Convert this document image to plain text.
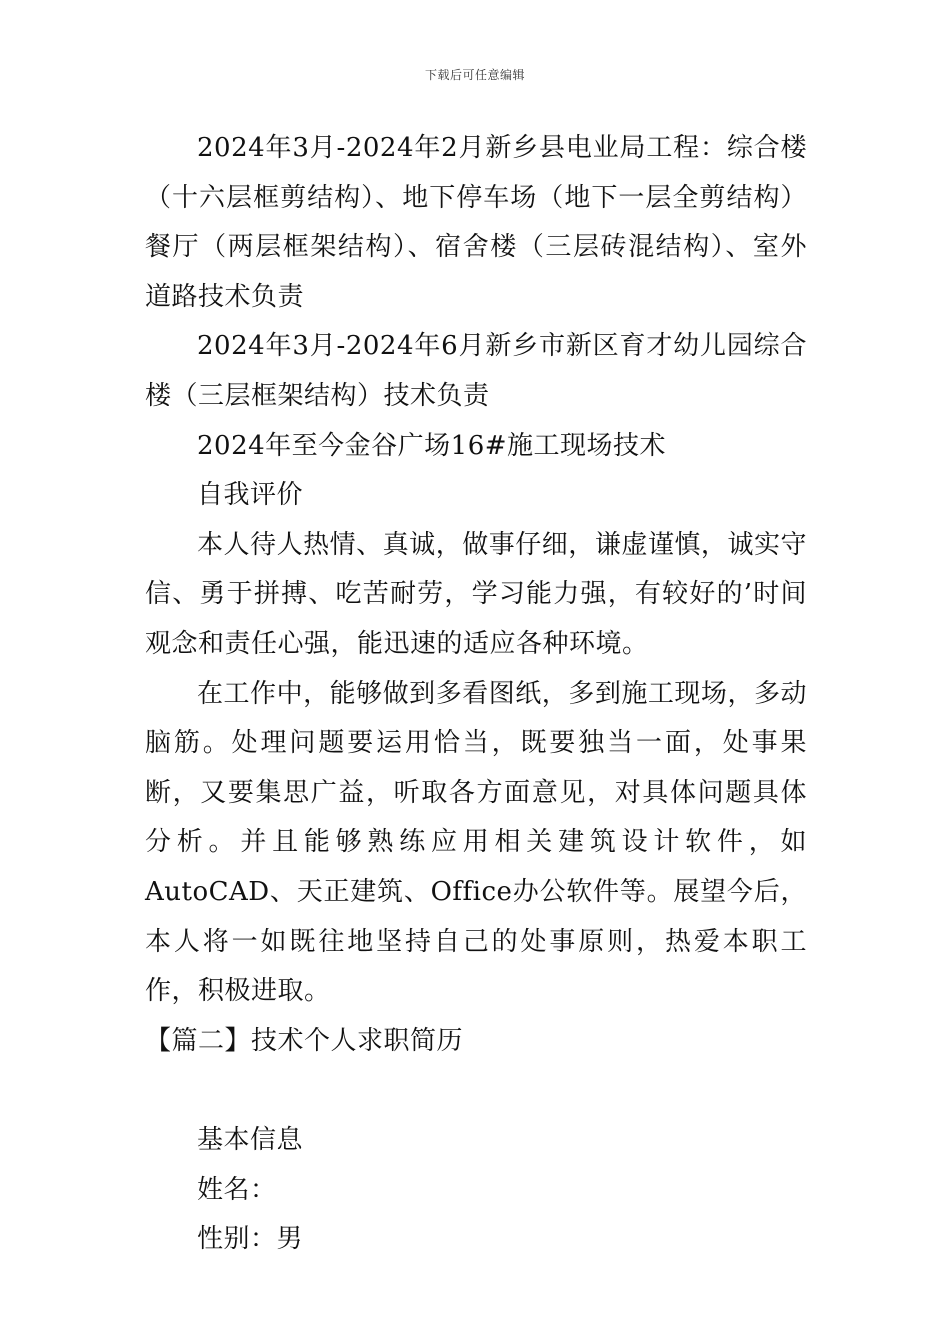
下载后可任意编辑

2024年3月-2024年2月新乡县电业局工程：综合楼（十六层框剪结构）、地下停车场（地下一层全剪结构）餐厅（两层框架结构）、宿舍楼（三层砖混结构）、室外道路技术负责

2024年3月-2024年6月新乡市新区育才幼儿园综合楼（三层框架结构）技术负责

2024年至今金谷广场16#施工现场技术

自我评价

本人待人热情、真诚，做事仔细，谦虚谨慎，诚实守信、勇于拼搏、吃苦耐劳，学习能力强，有较好的’时间观念和责任心强，能迅速的适应各种环境。

在工作中，能够做到多看图纸，多到施工现场，多动脑筋。处理问题要运用恰当，既要独当一面，处事果断，又要集思广益，听取各方面意见，对具体问题具体分析。并且能够熟练应用相关建筑设计软件，如AutoCAD、天正建筑、Office办公软件等。展望今后，本人将一如既往地坚持自己的处事原则，热爱本职工作，积极进取。

【篇二】技术个人求职简历

基本信息

姓名：

性别：男
